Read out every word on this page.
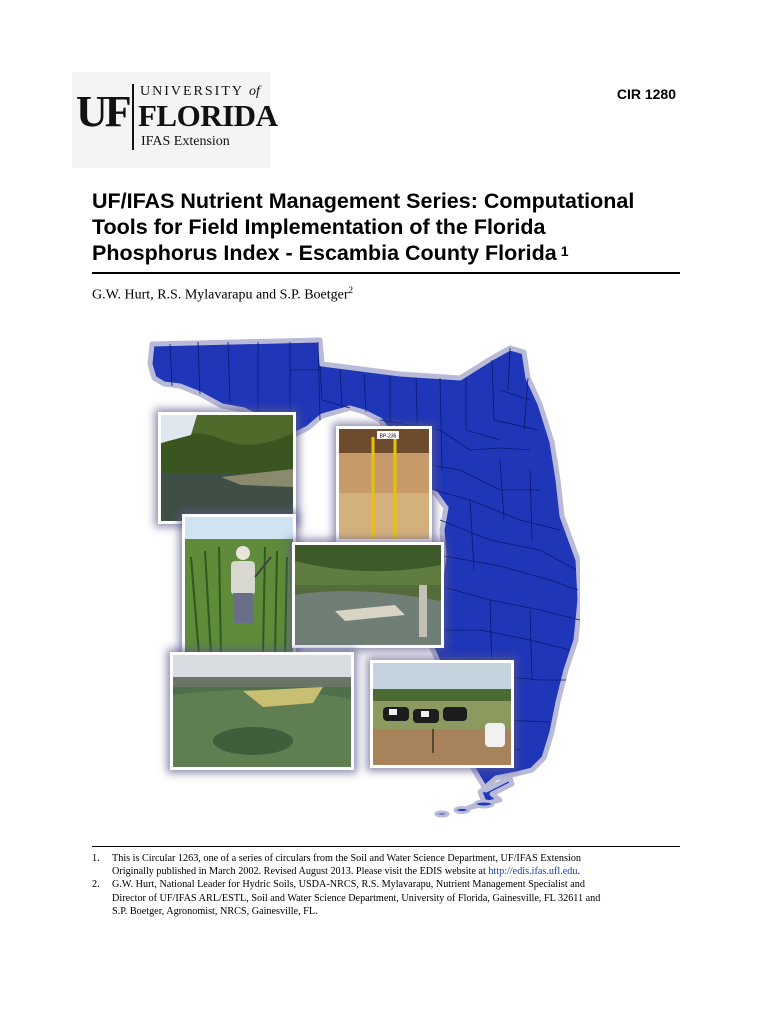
UF UNIVERSITY of
FLORIDA
IFAS Extension
CIR 1280
UF/IFAS Nutrient Management Series: Computational
Tools for Field Implementation of the Florida
Phosphorus Index - Escambia County Florida $^1$
G.W. Hurt, R.S. Mylavarapu and S.P. Boetger$^2$
BP-236
1. This is Circular 1263, one of a series of circulars from the Soil and Water Science Department, UF/IFAS Extension
Originally published in March 2002. Revised August 2013. Please visit the EDIS website at http://edis.ifas.ufl.edu.
2. G.W. Hurt, National Leader for Hydric Soils, USDA-NRCS, R.S. Mylavarapu, Nutrient Management Specialist and
Director of UF/IFAS ARL/ESTL, Soil and Water Science Department, University of Florida, Gainesville, FL 32611 and
S.P. Boetger, Agronomist, NRCS, Gainesville, FL.
